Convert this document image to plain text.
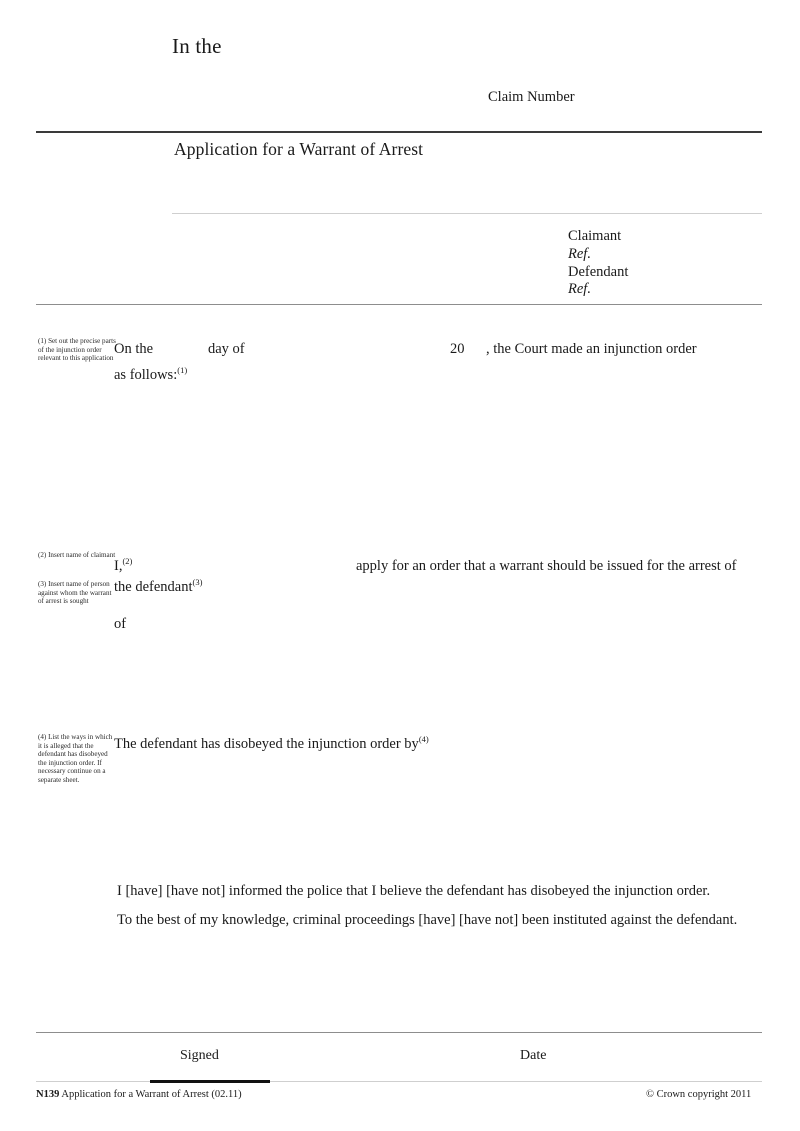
In the
Claim Number
Application for a Warrant of Arrest
Claimant
Ref.
Defendant
Ref.
(1) Set out the precise parts of the injunction order relevant to this application
On the	day of	20 , the Court made an injunction order
as follows:$^{(1)}$
(2) Insert name of claimant
(3) Insert name of person against whom the warrant of arrest is sought
I,$^{(2)}$	apply for an order that a warrant should be issued for the arrest of
the defendant$^{(3)}$
of
(4) List the ways in which it is alleged that the defendant has disobeyed the injunction order. If necessary continue on a separate sheet.
The defendant has disobeyed the injunction order $by^{(4)}$
I [have] [have not] informed the police that I believe the defendant has disobeyed the injunction order.
To the best of my knowledge, criminal proceedings [have] [have not] been instituted against the defendant.
Signed	Date
N139 Application for a Warrant of Arrest (02.11)	© Crown copyright 2011
